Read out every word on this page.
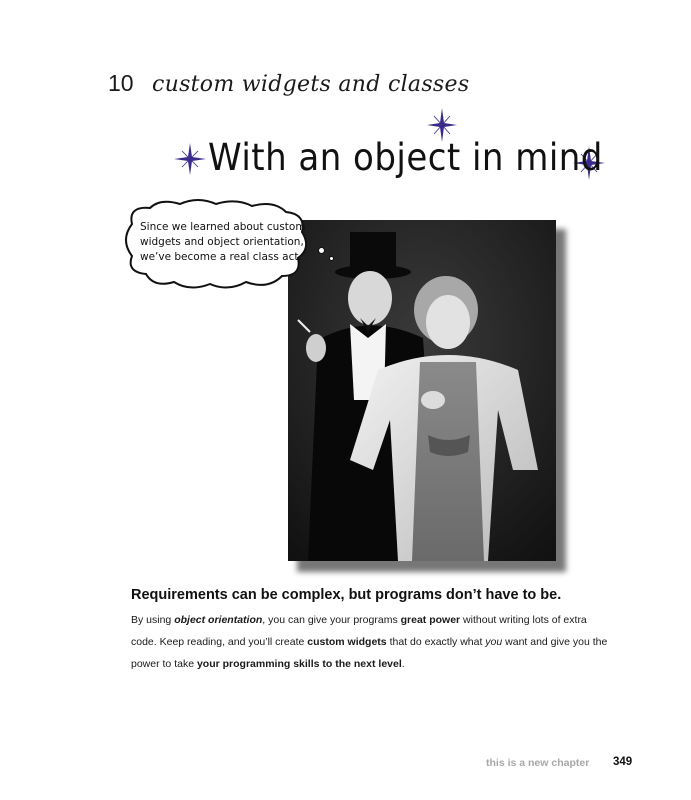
10 custom widgets and classes
With an object in mind
Since we learned about custom widgets and object orientation, we’ve become a real class act.
Requirements can be complex, but programs don’t have to be.
By using object orientation, you can give your programs great power without writing lots of extra code. Keep reading, and you’ll create custom widgets that do exactly what you want and give you the power to take your programming skills to the next level.
this is a new chapter 349
